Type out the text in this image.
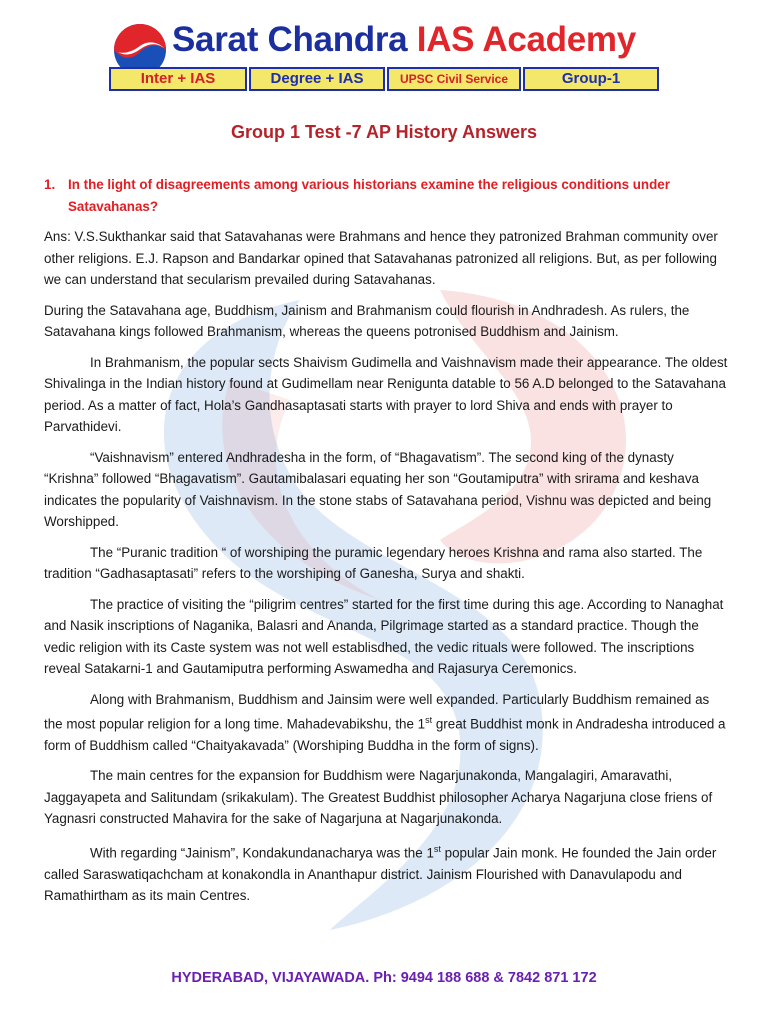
Sarat Chandra IAS Academy
Inter + IAS	Degree + IAS	UPSC Civil Service	Group-1
Group 1 Test -7 AP History Answers
1. In the light of disagreements among various historians examine the religious conditions under Satavahanas?

Ans: V.S.Sukthankar said that Satavahanas were Brahmans and hence they patronized Brahman community over other religions. E.J. Rapson and Bandarkar opined that Satavahanas patronized all religions. But, as per following we can understand that secularism prevailed during Satavahanas.

During the Satavahana age, Buddhism, Jainism and Brahmanism could flourish in Andhradesh. As rulers, the Satavahana kings followed Brahmanism, whereas the queens potronised Buddhism and Jainism.

In Brahmanism, the popular sects Shaivism Gudimella and Vaishnavism made their appearance. The oldest Shivalinga in the Indian history found at Gudimellam near Renigunta datable to 56 A.D belonged to the Satavahana period. As a matter of fact, Hola’s Gandhasaptasati starts with prayer to lord Shiva and ends with prayer to Parvathidevi.

“Vaishnavism” entered Andhradesha in the form, of “Bhagavatism”. The second king of the dynasty “Krishna” followed “Bhagavatism”. Gautamibalasari equating her son “Goutamiputra” with srirama and keshava indicates the popularity of Vaishnavism. In the stone stabs of Satavahana period, Vishnu was depicted and being Worshipped.

The “Puranic tradition “ of worshiping the puramic legendary heroes Krishna and rama also started. The tradition “Gadhasaptasati” refers to the worshiping of Ganesha, Surya and shakti.

The practice of visiting the “piligrim centres” started for the first time during this age. According to Nanaghat and Nasik inscriptions of Naganika, Balasri and Ananda, Pilgrimage started as a standard practice. Though the vedic religion with its Caste system was not well establisdhed, the vedic rituals were followed. The inscriptions reveal Satakarni-1 and Gautamiputra performing Aswamedha and Rajasurya Ceremonics.

Along with Brahmanism, Buddhism and Jainsim were well expanded. Particularly Buddhism remained as the most popular religion for a long time. Mahadevabikshu, the 1st great Buddhist monk in Andradesha introduced a form of Buddhism called “Chaityakavada” (Worshiping Buddha in the form of signs).

The main centres for the expansion for Buddhism were Nagarjunakonda, Mangalagiri, Amaravathi, Jaggayapeta and Salitundam (srikakulam). The Greatest Buddhist philosopher Acharya Nagarjuna close friens of Yagnasri constructed Mahavira for the sake of Nagarjuna at Nagarjunakonda.

With regarding “Jainism”, Kondakundanacharya was the 1st popular Jain monk. He founded the Jain order called Saraswatiqachcham at konakondla in Ananthapur district. Jainism Flourished with Danavulapodu and Ramathirtham as its main Centres.

HYDERABAD, VIJAYAWADA. Ph: 9494 188 688 & 7842 871 172
